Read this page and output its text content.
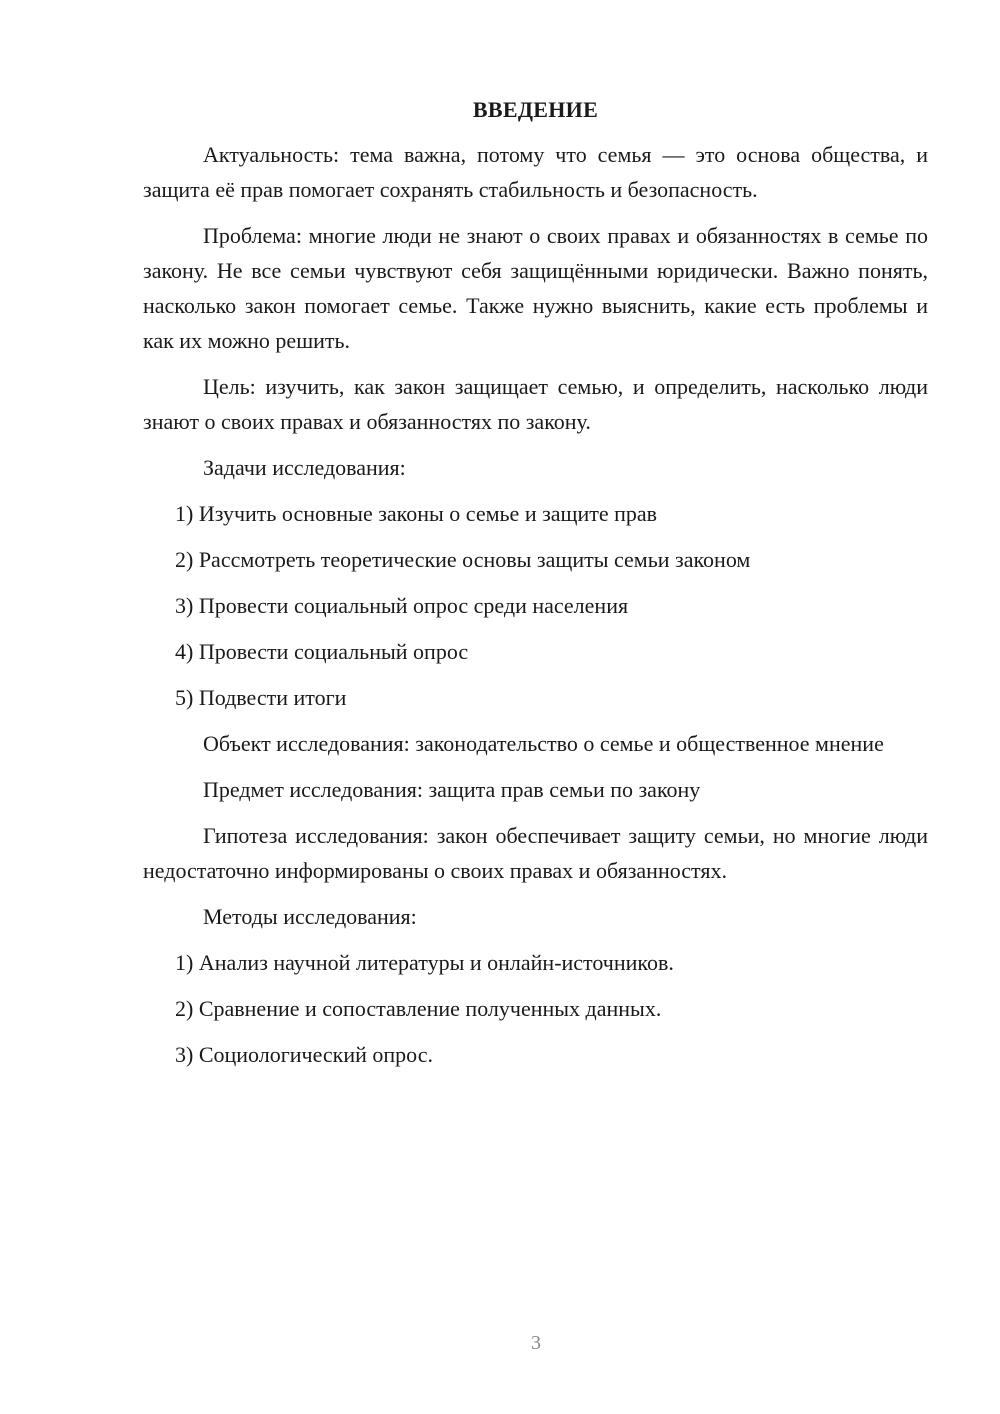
ВВЕДЕНИЕ

Актуальность: тема важна, потому что семья — это основа общества, и защита её прав помогает сохранять стабильность и безопасность.

Проблема: многие люди не знают о своих правах и обязанностях в семье по закону. Не все семьи чувствуют себя защищёнными юридически. Важно понять, насколько закон помогает семье. Также нужно выяснить, какие есть проблемы и как их можно решить.

Цель: изучить, как закон защищает семью, и определить, насколько люди знают о своих правах и обязанностях по закону.

Задачи исследования:

1) Изучить основные законы о семье и защите прав

2) Рассмотреть теоретические основы защиты семьи законом

3) Провести социальный опрос среди населения

4) Провести социальный опрос

5) Подвести итоги

Объект исследования: законодательство о семье и общественное мнение

Предмет исследования: защита прав семьи по закону

Гипотеза исследования: закон обеспечивает защиту семьи, но многие люди недостаточно информированы о своих правах и обязанностях.

Методы исследования:

1) Анализ научной литературы и онлайн-источников.

2) Сравнение и сопоставление полученных данных.

3) Социологический опрос.

3
